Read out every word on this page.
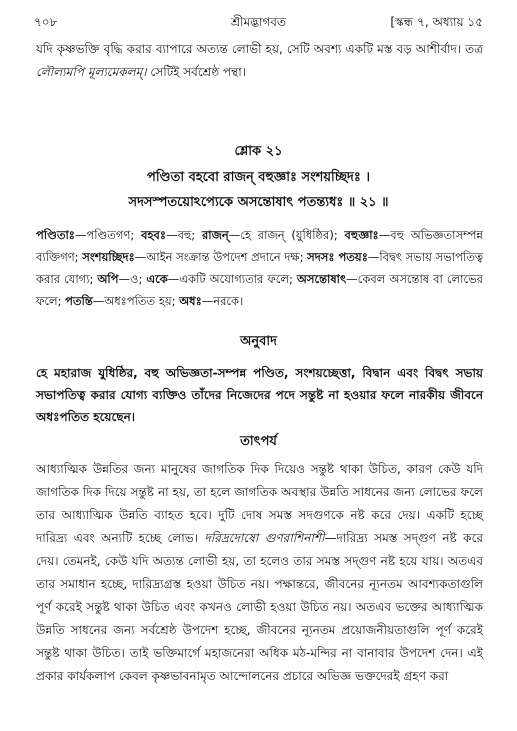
৭০৮	শ্রীমদ্ভাগবত	[স্কন্ধ ৭, অধ্যায় ১৫
যদি কৃষ্ণভক্তি বৃদ্ধি করার ব্যাপারে অত্যন্ত লোভী হয়, সেটি অবশ্য একটি মস্ত বড় আশীর্বাদ। তত্র লৌল্যমপি মূল্যমেকলম্। সেটিই সর্বশ্রেষ্ঠ পন্থা।
শ্লোক ২১
পণ্ডিতা বহবো রাজন্ বহুজ্ঞাঃ সংশয়চ্ছিদঃ ।
সদসস্পতয়োঽপ্যেকে অসন্তোষাৎ পতন্ত্যধঃ ॥ ২১ ॥
পণ্ডিতাঃ—পণ্ডিতগণ; বহবঃ—বহু; রাজন্—হে রাজন্ (যুধিষ্ঠির); বহুজ্ঞাঃ—বহু অভিজ্ঞতাসম্পন্ন ব্যক্তিগণ; সংশয়চ্ছিদঃ—আইন সংক্রান্ত উপদেশ প্রদানে দক্ষ; সদসঃ পতয়ঃ—বিদ্বৎ সভায় সভাপতিত্ব করার যোগ্য; অপি—ও; একে—একটি অযোগ্যতার ফলে; অসন্তোষাৎ—কেবল অসন্তোষ বা লোভের ফলে; পতন্তি—অধঃপতিত হয়; অধঃ—নরকে।
অনুবাদ
হে মহারাজ যুধিষ্ঠির, বহু অভিজ্ঞতা-সম্পন্ন পণ্ডিত, সংশয়চ্ছেত্তা, বিদ্বান এবং বিদ্বৎ সভায় সভাপতিত্ব করার যোগ্য ব্যক্তিও তাঁদের নিজেদের পদে সন্তুষ্ট না হওয়ার ফলে নারকীয় জীবনে অধঃপতিত হয়েছেন।
তাৎপর্য
আধ্যাত্মিক উন্নতির জন্য মানুষের জাগতিক দিক দিয়েও সন্তুষ্ট থাকা উচিত, কারণ কেউ যদি জাগতিক দিক দিয়ে সন্তুষ্ট না হয়, তা হলে জাগতিক অবস্থার উন্নতি সাধনের জন্য লোভের ফলে তার আধ্যাত্মিক উন্নতি ব্যাহত হবে। দুটি দোষ সমস্ত সদগুণকে নষ্ট করে দেয়। একটি হচ্ছে দারিদ্র্য এবং অন্যটি হচ্ছে লোভ। দরিদ্রদোষো গুণরাশিনাশী—দারিদ্র্য সমস্ত সদ্গুণ নষ্ট করে দেয়। তেমনই, কেউ যদি অত্যন্ত লোভী হয়, তা হলেও তার সমস্ত সদ্গুণ নষ্ট হয়ে যায়। অতএব তার সমাধান হচ্ছে, দারিদ্র্যগ্রস্ত হওয়া উচিত নয়। পক্ষান্তরে, জীবনের ন্যূনতম আবশ্যকতাগুলি পূর্ণ করেই সন্তুষ্ট থাকা উচিত এবং কখনও লোভী হওয়া উচিত নয়। অতএব ভক্তের আধ্যাত্মিক উন্নতি সাধনের জন্য সর্বশ্রেষ্ঠ উপদেশ হচ্ছে, জীবনের ন্যূনতম প্রয়োজনীয়তাগুলি পূর্ণ করেই সন্তুষ্ট থাকা উচিত। তাই ভক্তিমার্গে মহাজনেরা অধিক মঠ-মন্দির না বানাবার উপদেশ দেন। এই প্রকার কার্যকলাপ কেবল কৃষ্ণভাবনামৃত আন্দোলনের প্রচারে অভিজ্ঞ ভক্তদেরই গ্রহণ করা
